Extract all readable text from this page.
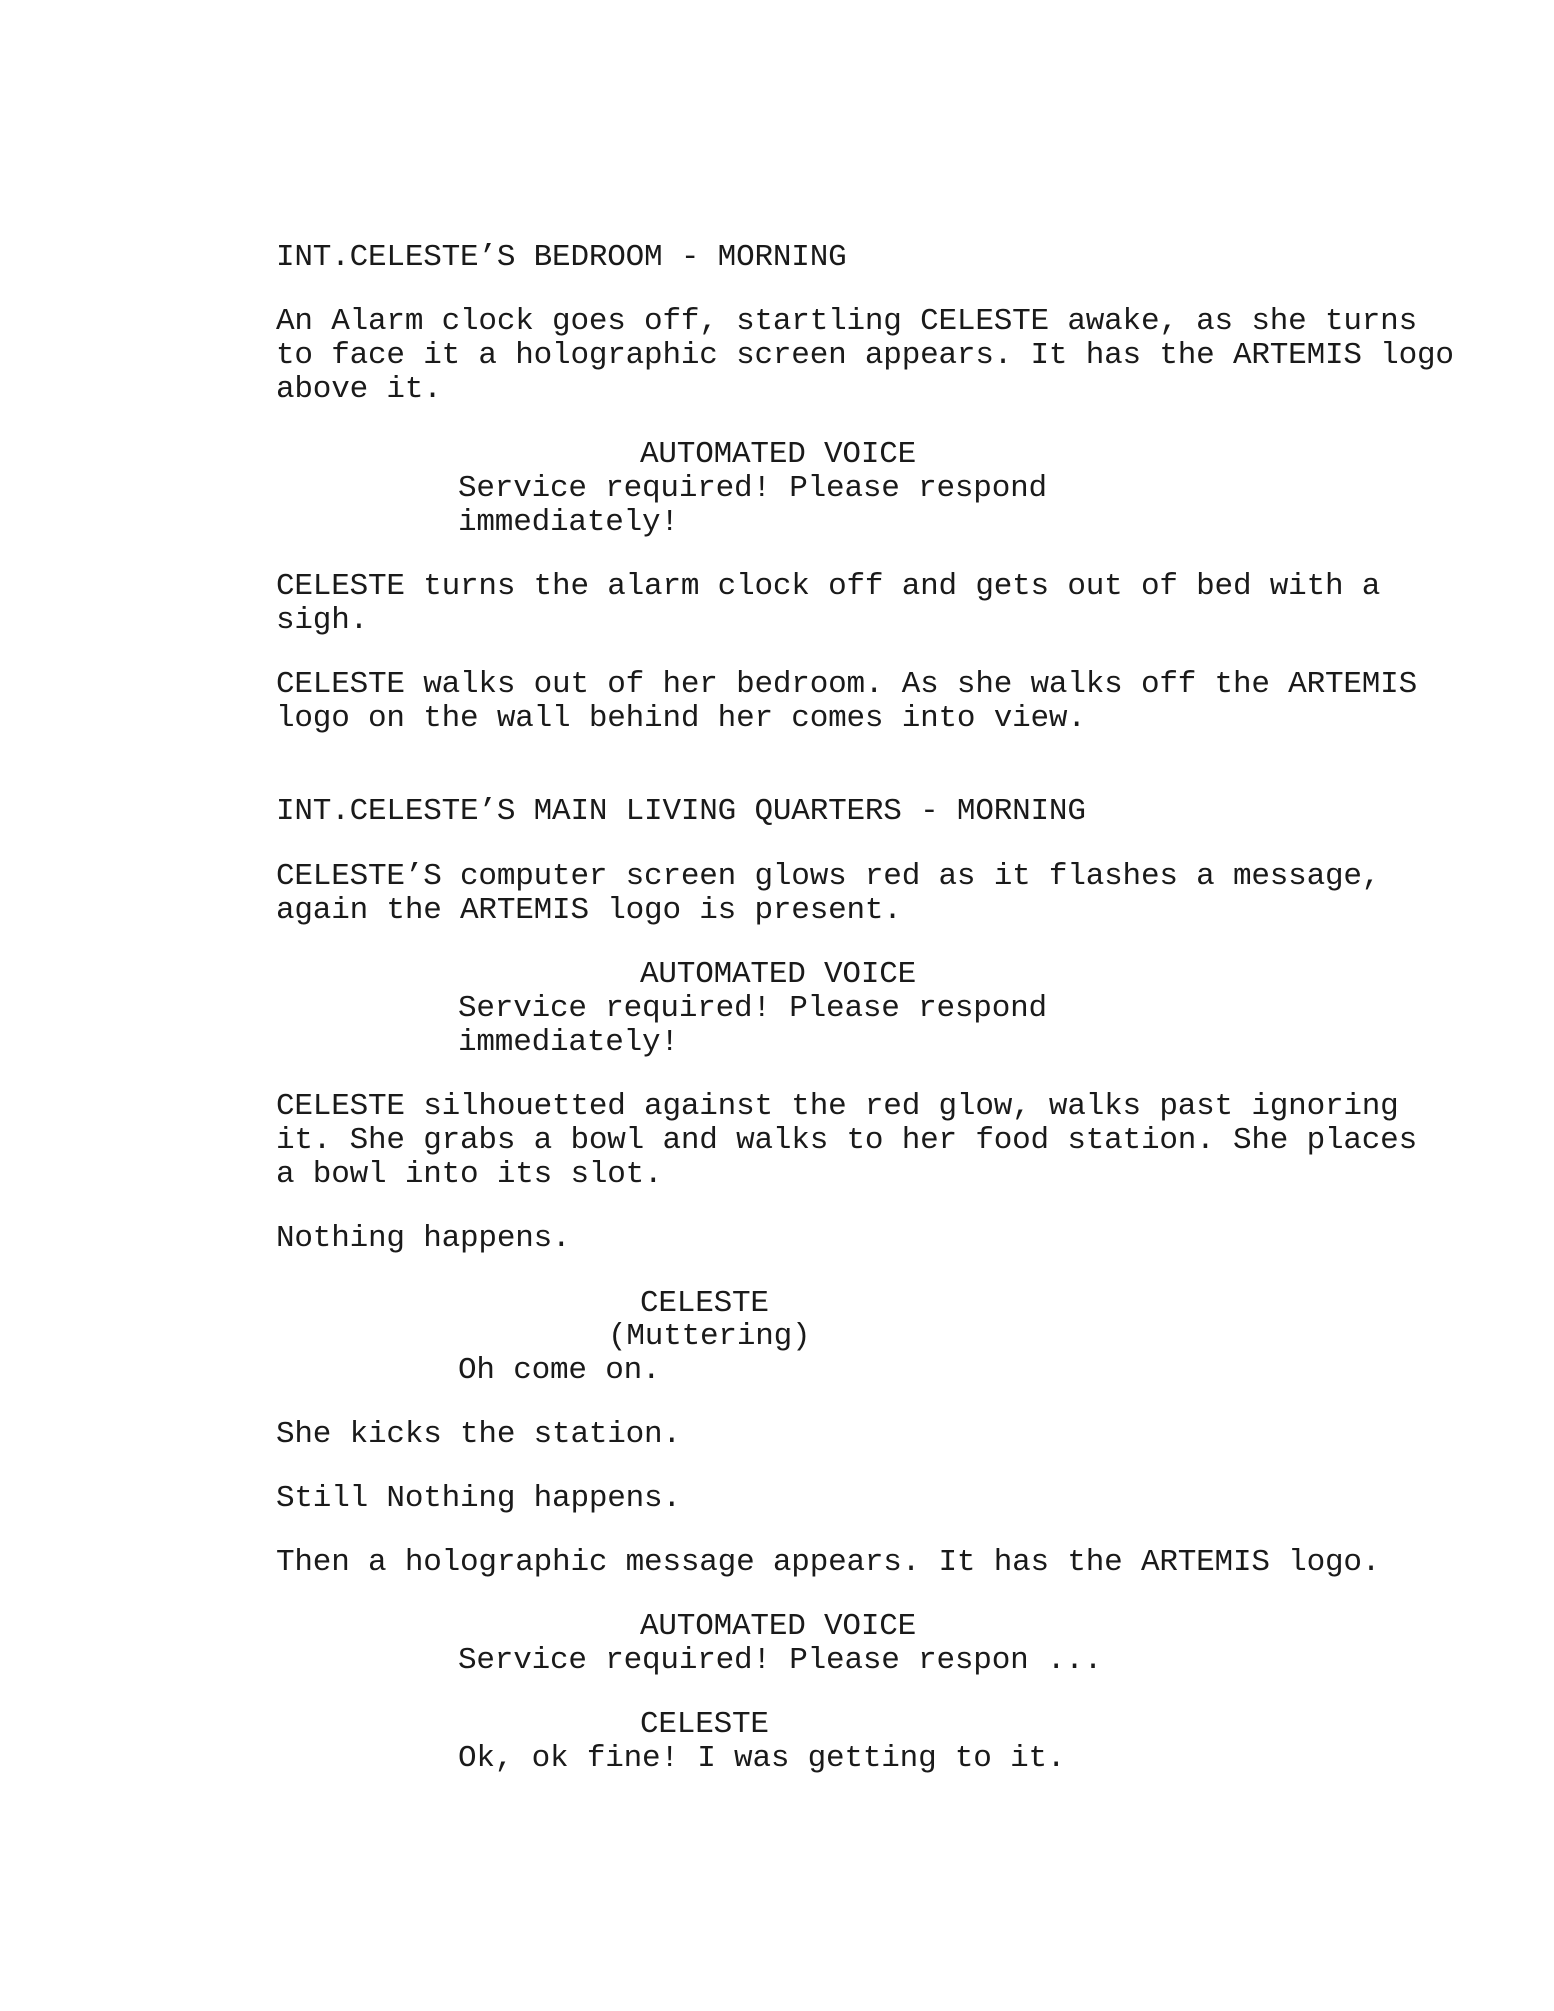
INT.CELESTE’S BEDROOM - MORNING
An Alarm clock goes off, startling CELESTE awake, as she turns
to face it a holographic screen appears. It has the ARTEMIS logo
above it.
AUTOMATED VOICE
Service required! Please respond
immediately!
CELESTE turns the alarm clock off and gets out of bed with a
sigh.
CELESTE walks out of her bedroom. As she walks off the ARTEMIS
logo on the wall behind her comes into view.
INT.CELESTE’S MAIN LIVING QUARTERS - MORNING
CELESTE’S computer screen glows red as it flashes a message,
again the ARTEMIS logo is present.
AUTOMATED VOICE
Service required! Please respond
immediately!
CELESTE silhouetted against the red glow, walks past ignoring
it. She grabs a bowl and walks to her food station. She places
a bowl into its slot.
Nothing happens.
CELESTE
(Muttering)
Oh come on.
She kicks the station.
Still Nothing happens.
Then a holographic message appears. It has the ARTEMIS logo.
AUTOMATED VOICE
Service required! Please respon ...
CELESTE
Ok, ok fine! I was getting to it.
